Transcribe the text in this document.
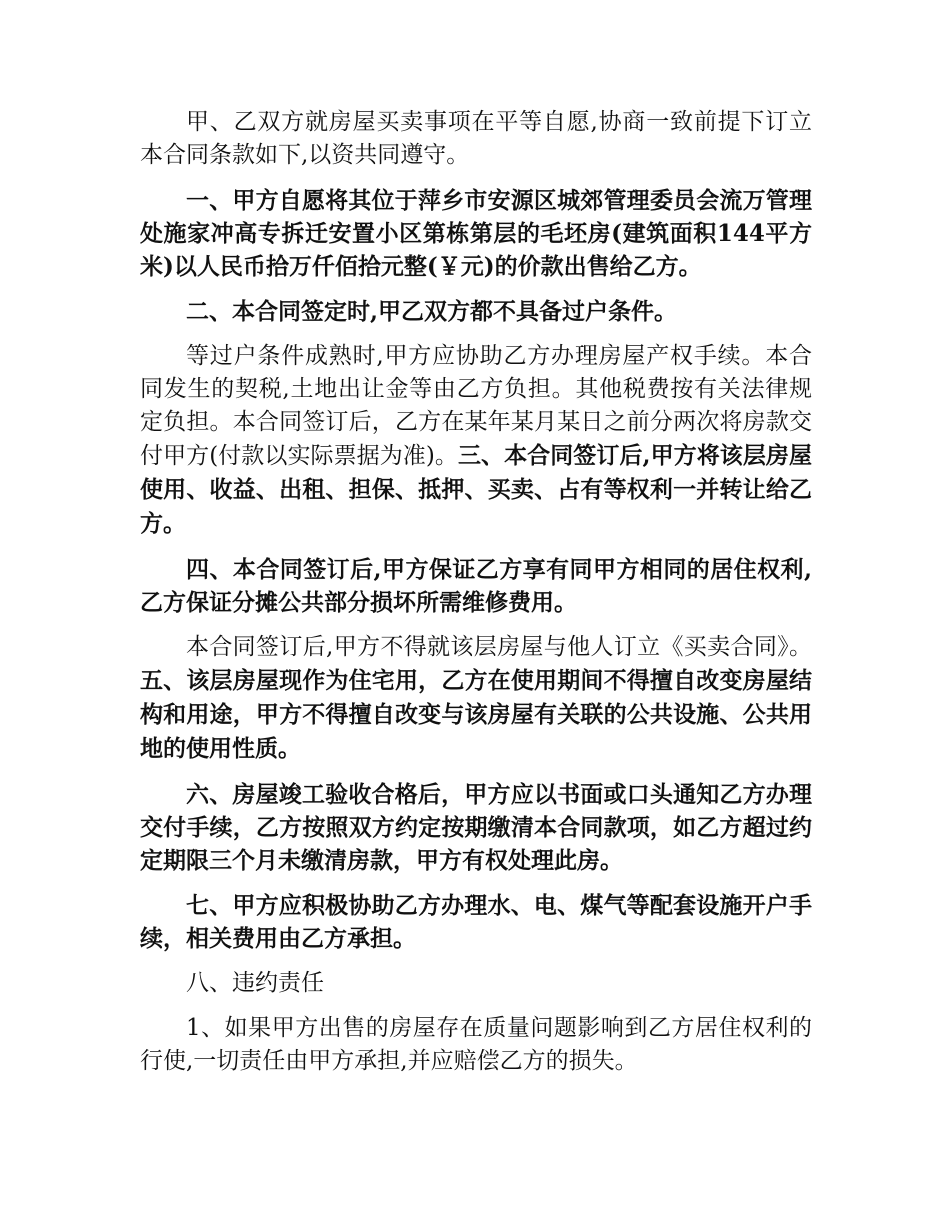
甲、乙双方就房屋买卖事项在平等自愿,协商一致前提下订立本合同条款如下,以资共同遵守。

一、甲方自愿将其位于萍乡市安源区城郊管理委员会流万管理处施家冲高专拆迁安置小区第栋第层的毛坯房(建筑面积144平方米)以人民币拾万仟佰拾元整(￥元)的价款出售给乙方。

二、本合同签定时,甲乙双方都不具备过户条件。

等过户条件成熟时,甲方应协助乙方办理房屋产权手续。本合同发生的契税,土地出让金等由乙方负担。其他税费按有关法律规定负担。本合同签订后，乙方在某年某月某日之前分两次将房款交付甲方(付款以实际票据为准)。三、本合同签订后,甲方将该层房屋使用、收益、出租、担保、抵押、买卖、占有等权利一并转让给乙方。

四、本合同签订后,甲方保证乙方享有同甲方相同的居住权利,乙方保证分摊公共部分损坏所需维修费用。

本合同签订后,甲方不得就该层房屋与他人订立《买卖合同》。五、该层房屋现作为住宅用，乙方在使用期间不得擅自改变房屋结构和用途，甲方不得擅自改变与该房屋有关联的公共设施、公共用地的使用性质。

六、房屋竣工验收合格后，甲方应以书面或口头通知乙方办理交付手续，乙方按照双方约定按期缴清本合同款项，如乙方超过约定期限三个月未缴清房款，甲方有权处理此房。

七、甲方应积极协助乙方办理水、电、煤气等配套设施开户手续，相关费用由乙方承担。

八、违约责任

1、如果甲方出售的房屋存在质量问题影响到乙方居住权利的行使,一切责任由甲方承担,并应赔偿乙方的损失。
